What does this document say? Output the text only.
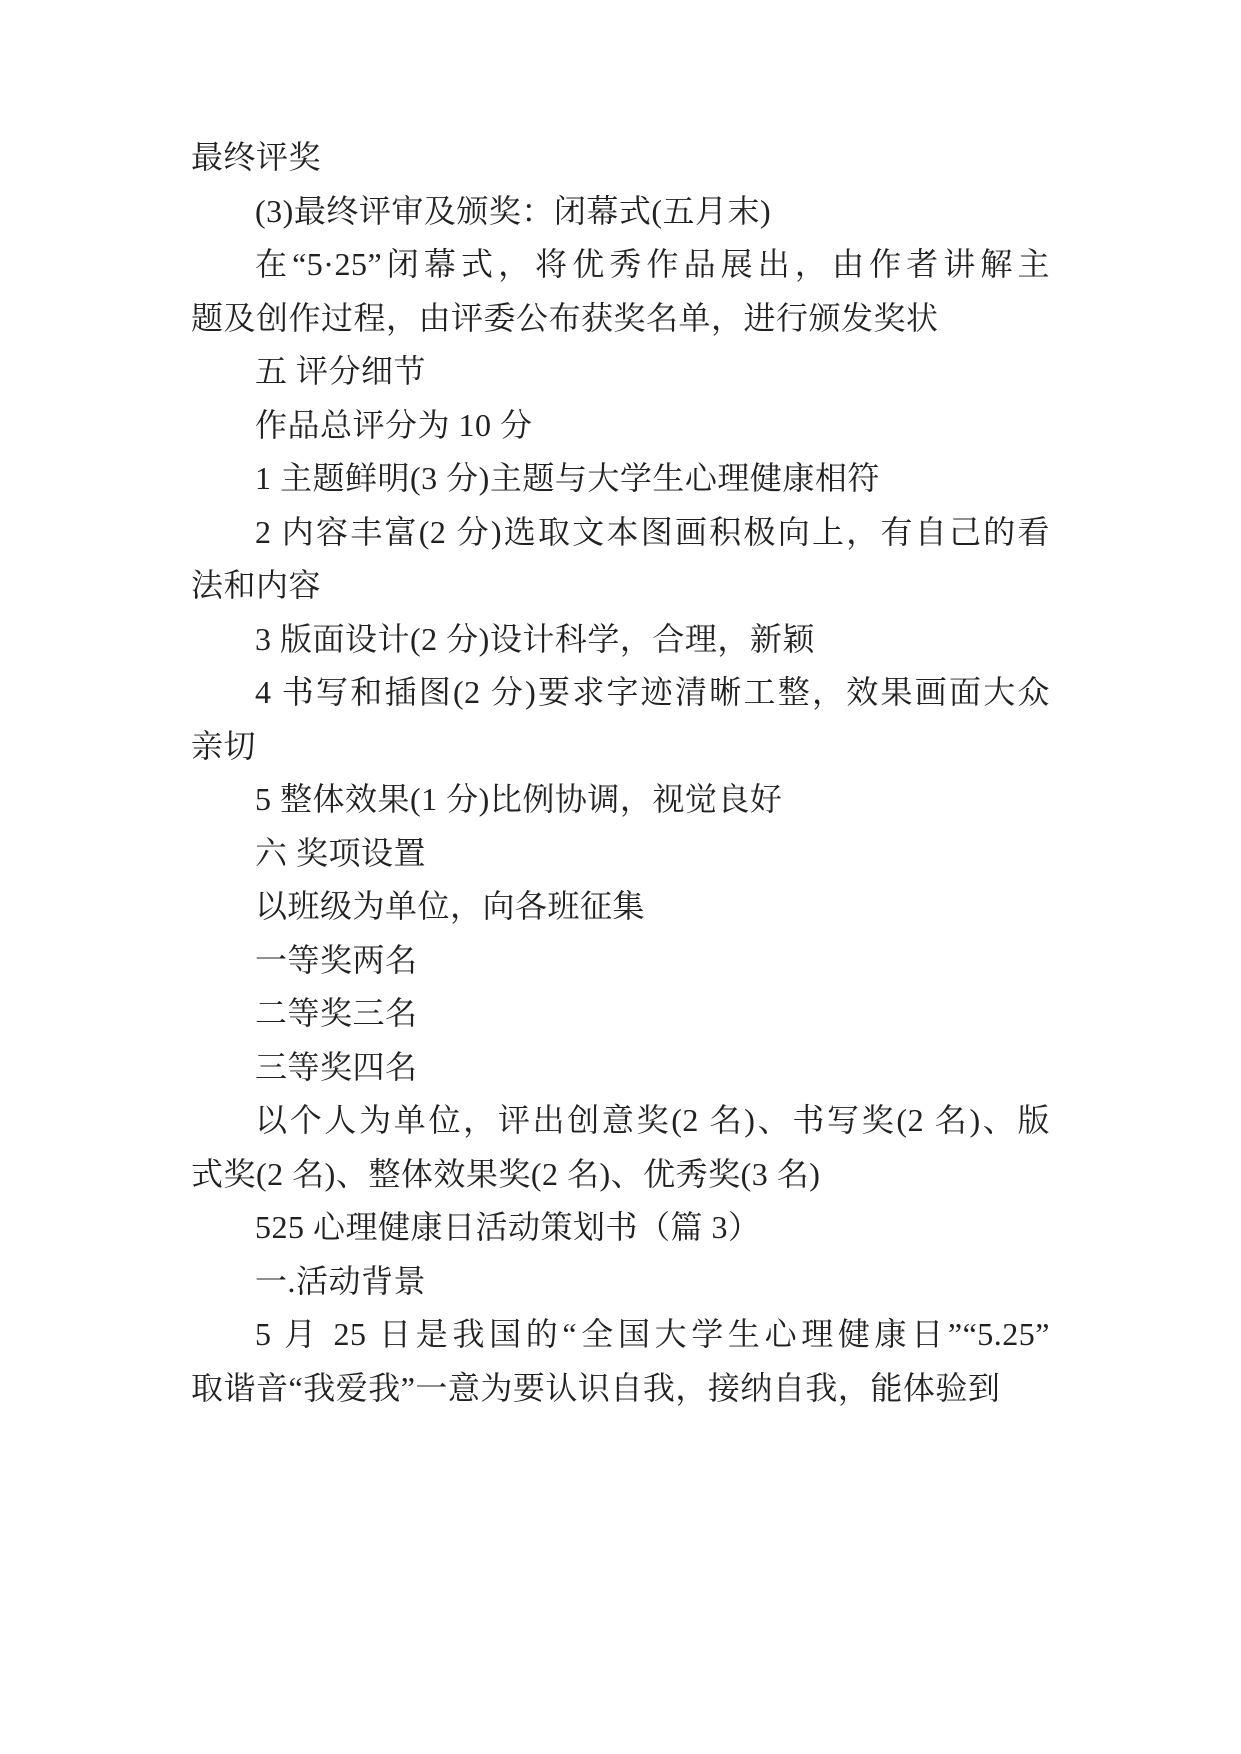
最终评奖
(3)最终评审及颁奖：闭幕式(五月末)
在“5·25”闭幕式，将优秀作品展出，由作者讲解主
题及创作过程，由评委公布获奖名单，进行颁发奖状
五 评分细节
作品总评分为 10 分
1 主题鲜明(3 分)主题与大学生心理健康相符
2 内容丰富(2 分)选取文本图画积极向上，有自己的看
法和内容
3 版面设计(2 分)设计科学，合理，新颖
4 书写和插图(2 分)要求字迹清晰工整，效果画面大众
亲切
5 整体效果(1 分)比例协调，视觉良好
六 奖项设置
以班级为单位，向各班征集
一等奖两名
二等奖三名
三等奖四名
以个人为单位，评出创意奖(2 名)、书写奖(2 名)、版
式奖(2 名)、整体效果奖(2 名)、优秀奖(3 名)
525 心理健康日活动策划书（篇 3）
一.活动背景
5 月 25 日是我国的“全国大学生心理健康日”“5.25”
取谐音“我爱我”一意为要认识自我，接纳自我，能体验到
